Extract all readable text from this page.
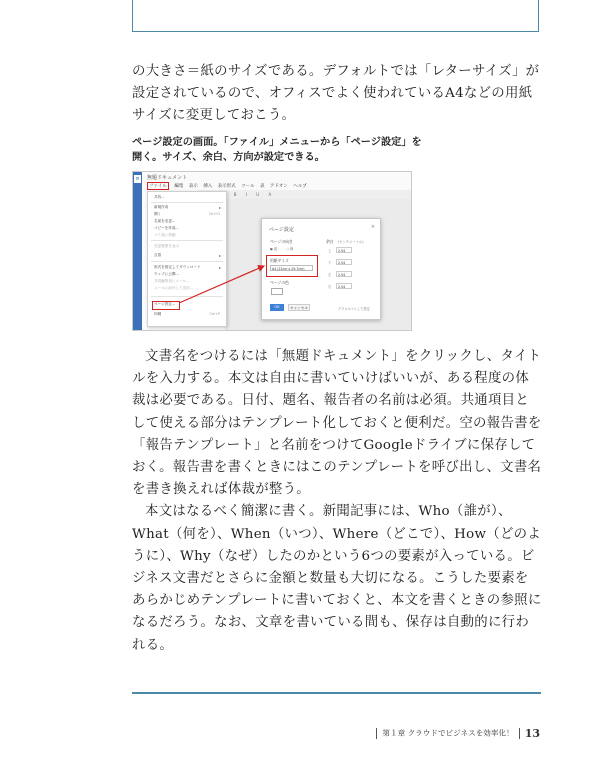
の大きさ＝紙のサイズである。デフォルトでは「レターサイズ」が設定されているので、オフィスでよく使われているA4などの用紙サイズに変更しておこう。

ページ設定の画面。「ファイル」メニューから「ページ設定」を開く。サイズ、余白、方向が設定できる。
≡ 無題ドキュメント
ファイル 編集 表示 挿入 表示形式 ツール 表 アドオン ヘルプ
B I U A
共有...
新規作成	▸
開く	Ctrl+O
名前を変更...
コピーを作成...
ゴミ箱に移動
変更履歴を表示
言語	▸
形式を指定してダウンロード	▸
ウェブに公開...
共同編集者にメール...
メールに添付して送信...
ページ設定...
印刷	Ctrl+P
ページ設定	×
ページの向き
● 縦	○ 横
用紙サイズ
A4 (21cm x 29.7cm)
ページの色
余白 (センチメートル)
上	2.54
下	2.54
左	2.54
右	2.54
OK	キャンセル	デフォルトとして設定

文書名をつけるには「無題ドキュメント」をクリックし、タイトルを入力する。本文は自由に書いていけばいいが、ある程度の体裁は必要である。日付、題名、報告者の名前は必須。共通項目として使える部分はテンプレート化しておくと便利だ。空の報告書を「報告テンプレート」と名前をつけてGoogleドライブに保存しておく。報告書を書くときにはこのテンプレートを呼び出し、文書名を書き換えれば体裁が整う。

本文はなるべく簡潔に書く。新聞記事には、Who（誰が）、What（何を）、When（いつ）、Where（どこで）、How（どのように）、Why（なぜ）したのかという6つの要素が入っている。ビジネス文書だとさらに金額と数量も大切になる。こうした要素をあらかじめテンプレートに書いておくと、本文を書くときの参照になるだろう。なお、文章を書いている間も、保存は自動的に行われる。

第１章 クラウドでビジネスを効率化！ 13
